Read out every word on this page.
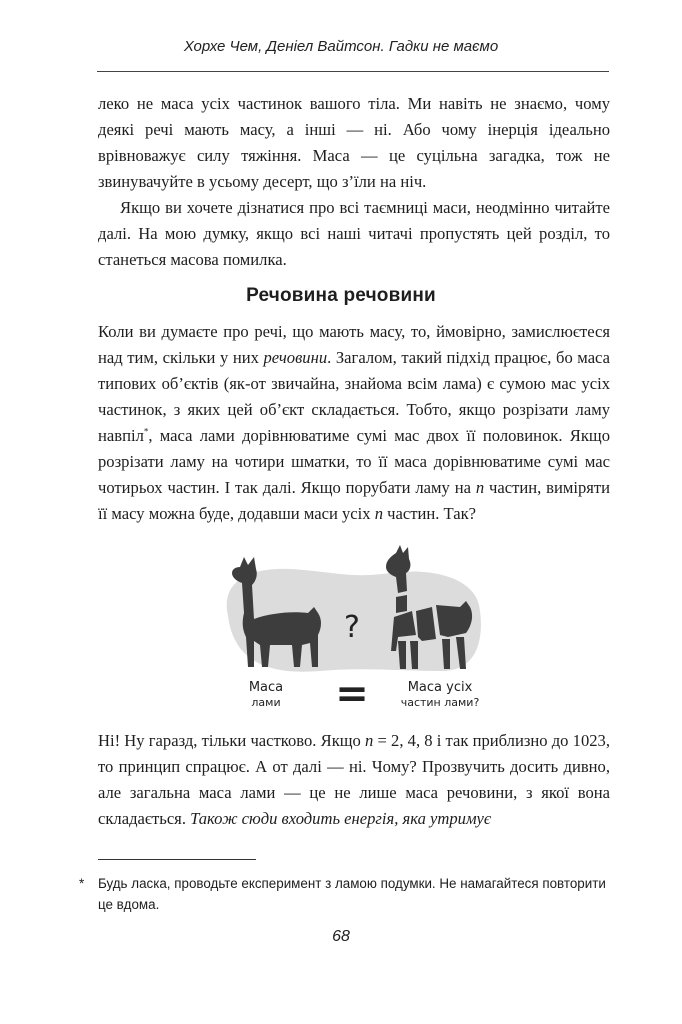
Хорхе Чем, Деніел Вайтсон. Гадки не маємо

леко не маса усіх частинок вашого тіла. Ми навіть не знаємо, чому деякі речі мають масу, а інші — ні. Або чому інерція ідеально врівноважує силу тяжіння. Маса — це суцільна загадка, тож не звинувачуйте в усьому десерт, що з’їли на ніч.

Якщо ви хочете дізнатися про всі таємниці маси, неодмінно читайте далі. На мою думку, якщо всі наші читачі пропустять цей розділ, то станеться масова помилка.

Речовина речовини

Коли ви думаєте про речі, що мають масу, то, ймовірно, замислюєтеся над тим, скільки у них речовини. Загалом, такий підхід працює, бо маса типових об’єктів (як-от звичайна, знайома всім лама) є сумою мас усіх частинок, з яких цей об’єкт складається. Тобто, якщо розрізати ламу навпіл*, маса лами дорівнюватиме сумі мас двох її половинок. Якщо розрізати ламу на чотири шматки, то її маса дорівнюватиме сумі мас чотирьох частин. І так далі. Якщо порубати ламу на n частин, виміряти її масу можна буде, додавши маси усіх n частин. Так?

?
=
Маса
лами
Маса усіх
частин лами?

Ні! Ну гаразд, тільки частково. Якщо n = 2, 4, 8 і так приблизно до 1023, то принцип спрацює. А от далі — ні. Чому? Прозвучить досить дивно, але загальна маса лами — це не лише маса речовини, з якої вона складається. Також сюди входить енергія, яка утримує

* Будь ласка, проводьте експеримент з ламою подумки. Не намагайтеся повторити це вдома.
68
